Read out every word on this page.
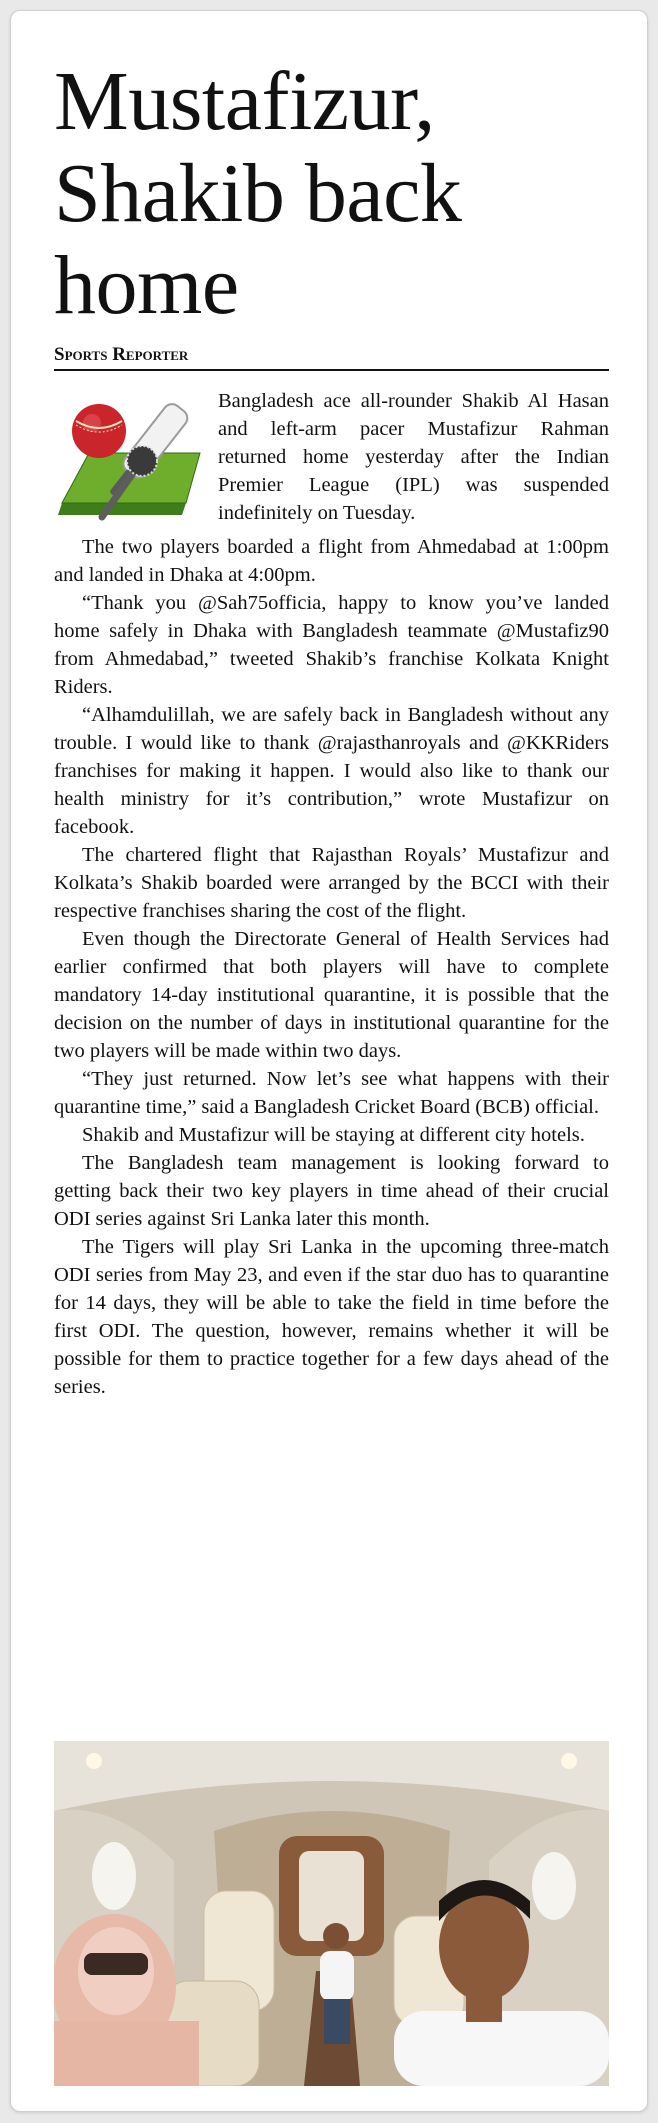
Mustafizur, Shakib back home
Sports Reporter

Bangladesh ace all-rounder Shakib Al Hasan and left-arm pacer Mustafizur Rahman returned home yesterday after the Indian Premier League (IPL) was suspended indefinitely on Tuesday.

The two players boarded a flight from Ahmedabad at 1:00pm and landed in Dhaka at 4:00pm.

“Thank you @Sah75officia, happy to know you’ve landed home safely in Dhaka with Bangladesh teammate @Mustafiz90 from Ahmedabad,” tweeted Shakib’s franchise Kolkata Knight Riders.

“Alhamdulillah, we are safely back in Bangladesh without any trouble. I would like to thank @rajasthanroyals and @KKRiders franchises for making it happen. I would also like to thank our health ministry for it’s contribution,” wrote Mustafizur on facebook.

The chartered flight that Rajasthan Royals’ Mustafizur and Kolkata’s Shakib boarded were arranged by the BCCI with their respective franchises sharing the cost of the flight.

Even though the Directorate General of Health Services had earlier confirmed that both players will have to complete mandatory 14-day institutional quarantine, it is possible that the decision on the number of days in institutional quarantine for the two players will be made within two days.

“They just returned. Now let’s see what happens with their quarantine time,” said a Bangladesh Cricket Board (BCB) official.

Shakib and Mustafizur will be staying at different city hotels.

The Bangladesh team management is looking forward to getting back their two key players in time ahead of their crucial ODI series against Sri Lanka later this month.

The Tigers will play Sri Lanka in the upcoming three-match ODI series from May 23, and even if the star duo has to quarantine for 14 days, they will be able to take the field in time before the first ODI. The question, however, remains whether it will be possible for them to practice together for a few days ahead of the series.
